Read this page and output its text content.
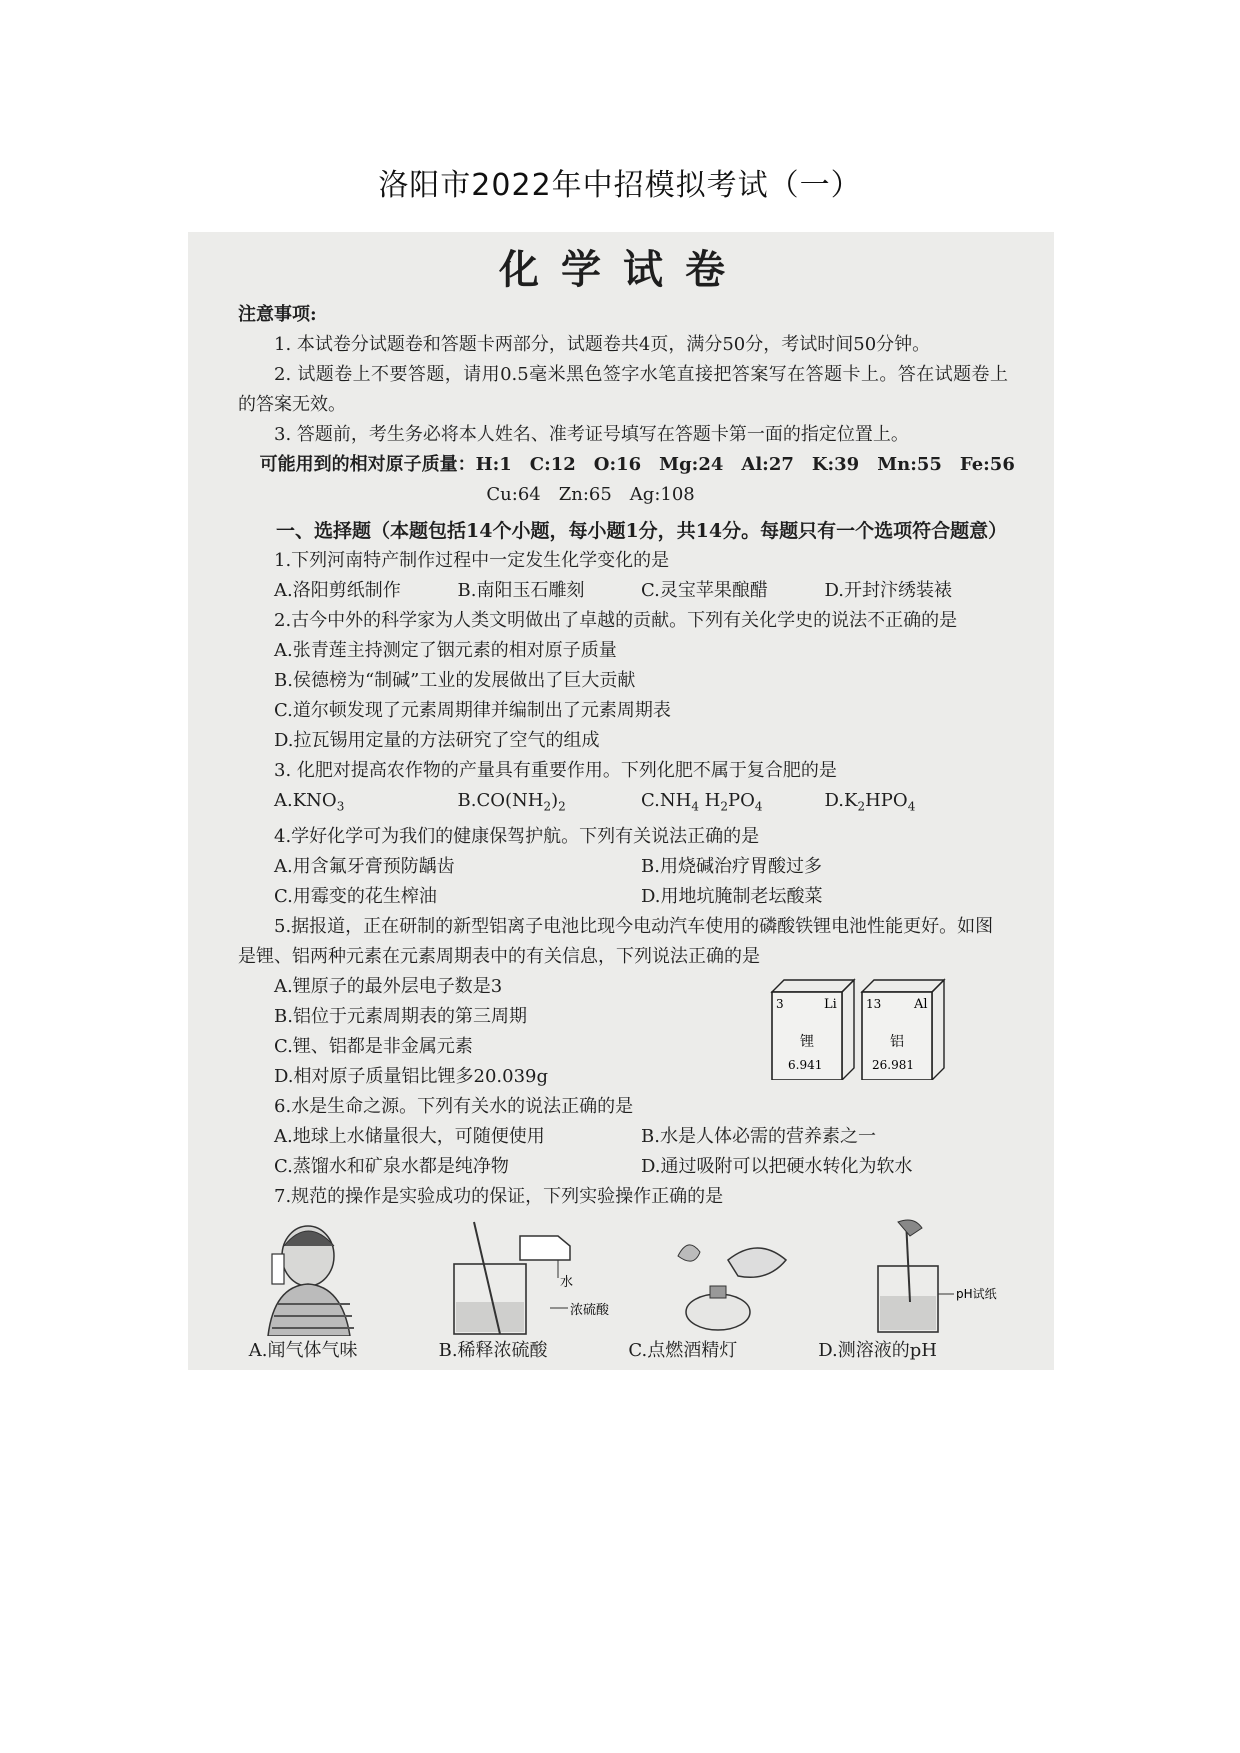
洛阳市2022年中招模拟考试（一）
化学试卷
注意事项:

1. 本试卷分试题卷和答题卡两部分，试题卷共4页，满分50分，考试时间50分钟。

2. 试题卷上不要答题，请用0.5毫米黑色签字水笔直接把答案写在答题卡上。答在试题卷上的答案无效。

3. 答题前，考生务必将本人姓名、准考证号填写在答题卡第一面的指定位置上。

可能用到的相对原子质量：H:1　C:12　O:16　Mg:24　Al:27　K:39　Mn:55　Fe:56

Cu:64　Zn:65　Ag:108

一、选择题（本题包括14个小题，每小题1分，共14分。每题只有一个选项符合题意）

1.下列河南特产制作过程中一定发生化学变化的是

A.洛阳剪纸制作	B.南阳玉石雕刻	C.灵宝苹果酿醋	D.开封汴绣装裱

2.古今中外的科学家为人类文明做出了卓越的贡献。下列有关化学史的说法不正确的是

A.张青莲主持测定了铟元素的相对原子质量

B.侯德榜为“制碱”工业的发展做出了巨大贡献

C.道尔顿发现了元素周期律并编制出了元素周期表

D.拉瓦锡用定量的方法研究了空气的组成

3. 化肥对提高农作物的产量具有重要作用。下列化肥不属于复合肥的是

$A.KNO_3$	$B.CO(NH_2)_2$	$C.NH_4$ $H_2PO_4$	$D.K_2HPO_4$

4.学好化学可为我们的健康保驾护航。下列有关说法正确的是

A.用含氟牙膏预防龋齿	B.用烧碱治疗胃酸过多
C.用霉变的花生榨油	D.用地坑腌制老坛酸菜

5.据报道，正在研制的新型铝离子电池比现今电动汽车使用的磷酸铁锂电池性能更好。如图是锂、铝两种元素在元素周期表中的有关信息，下列说法正确的是

A.锂原子的最外层电子数是3

B.铝位于元素周期表的第三周期

C.锂、铝都是非金属元素

D.相对原子质量铝比锂多20.039g

3	Li
锂
6.941
13	Al
铝
26.981

6.水是生命之源。下列有关水的说法正确的是

A.地球上水储量很大，可随便使用	B.水是人体必需的营养素之一
C.蒸馏水和矿泉水都是纯净物	D.通过吸附可以把硬水转化为软水

7.规范的操作是实验成功的保证，下列实验操作正确的是

水
浓硫酸
pH试纸
A.闻气体气味	B.稀释浓硫酸	C.点燃酒精灯	D.测溶液的pH
